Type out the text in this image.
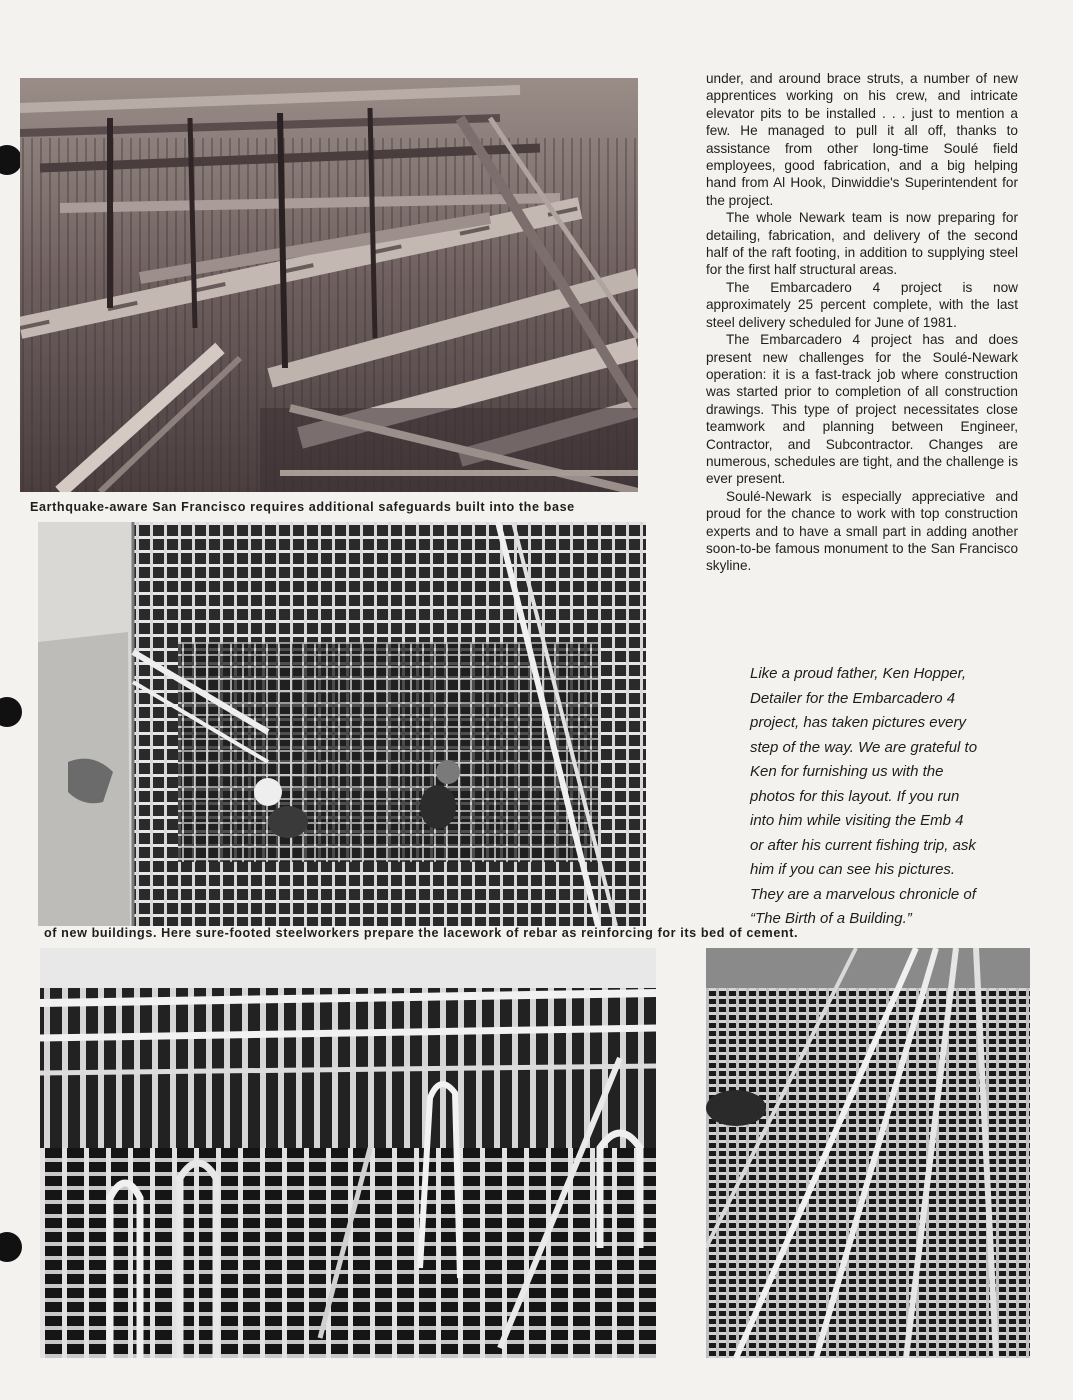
Earthquake-aware San Francisco requires additional safeguards built into the base
of new buildings. Here sure-footed steelworkers prepare the lacework of rebar as reinforcing for its bed of cement.

under, and around brace struts, a number of new apprentices working on his crew, and intricate elevator pits to be installed . . . just to mention a few. He managed to pull it all off, thanks to assistance from other long-time Soulé field employees, good fabrication, and a big helping hand from Al Hook, Dinwiddie's Superintendent for the project.

The whole Newark team is now preparing for detailing, fabrication, and delivery of the second half of the raft footing, in addition to supplying steel for the first half structural areas.

The Embarcadero 4 project is now approximately 25 percent complete, with the last steel delivery scheduled for June of 1981.

The Embarcadero 4 project has and does present new challenges for the Soulé-Newark operation: it is a fast-track job where construction was started prior to completion of all construction drawings. This type of project necessitates close teamwork and planning between Engineer, Contractor, and Subcontractor. Changes are numerous, schedules are tight, and the challenge is ever present.

Soulé-Newark is especially appreciative and proud for the chance to work with top construction experts and to have a small part in adding another soon-to-be famous monument to the San Francisco skyline.

Like a proud father, Ken Hopper,
Detailer for the Embarcadero 4
project, has taken pictures every
step of the way. We are grateful to
Ken for furnishing us with the
photos for this layout. If you run
into him while visiting the Emb 4
or after his current fishing trip, ask
him if you can see his pictures.
They are a marvelous chronicle of
“The Birth of a Building.”
